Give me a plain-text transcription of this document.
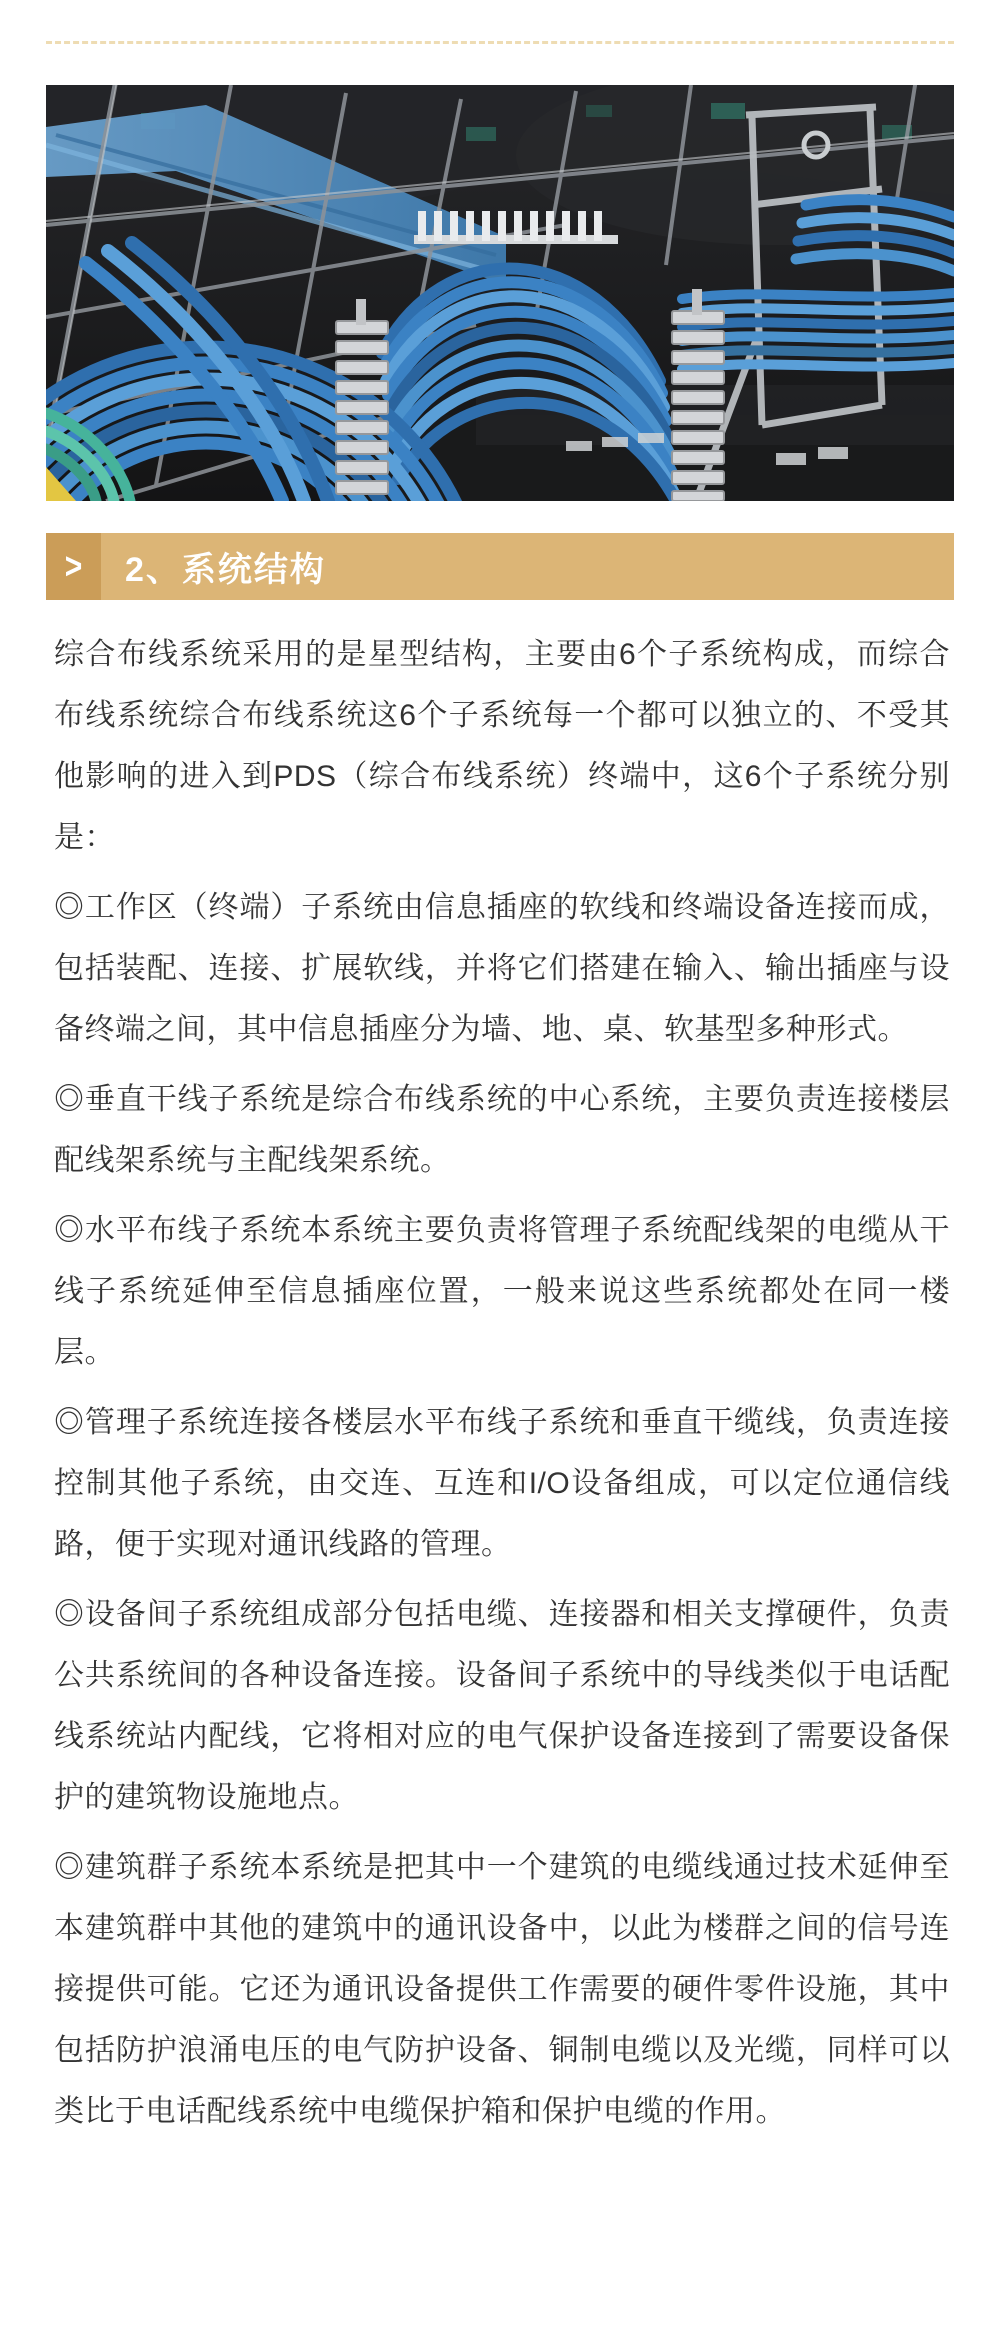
> 2、系统结构

综合布线系统采用的是星型结构，主要由6个子系统构成，而综合布线系统综合布线系统这6个子系统每一个都可以独立的、不受其他影响的进入到PDS（综合布线系统）终端中，这6个子系统分别是：

◎工作区（终端）子系统由信息插座的软线和终端设备连接而成，包括装配、连接、扩展软线，并将它们搭建在输入、输出插座与设备终端之间，其中信息插座分为墙、地、桌、软基型多种形式。

◎垂直干线子系统是综合布线系统的中心系统，主要负责连接楼层配线架系统与主配线架系统。

◎水平布线子系统本系统主要负责将管理子系统配线架的电缆从干线子系统延伸至信息插座位置，一般来说这些系统都处在同一楼层。

◎管理子系统连接各楼层水平布线子系统和垂直干缆线，负责连接控制其他子系统，由交连、互连和I/O设备组成，可以定位通信线路，便于实现对通讯线路的管理。

◎设备间子系统组成部分包括电缆、连接器和相关支撑硬件，负责公共系统间的各种设备连接。设备间子系统中的导线类似于电话配线系统站内配线，它将相对应的电气保护设备连接到了需要设备保护的建筑物设施地点。

◎建筑群子系统本系统是把其中一个建筑的电缆线通过技术延伸至本建筑群中其他的建筑中的通讯设备中，以此为楼群之间的信号连接提供可能。它还为通讯设备提供工作需要的硬件零件设施，其中包括防护浪涌电压的电气防护设备、铜制电缆以及光缆，同样可以类比于电话配线系统中电缆保护箱和保护电缆的作用。
